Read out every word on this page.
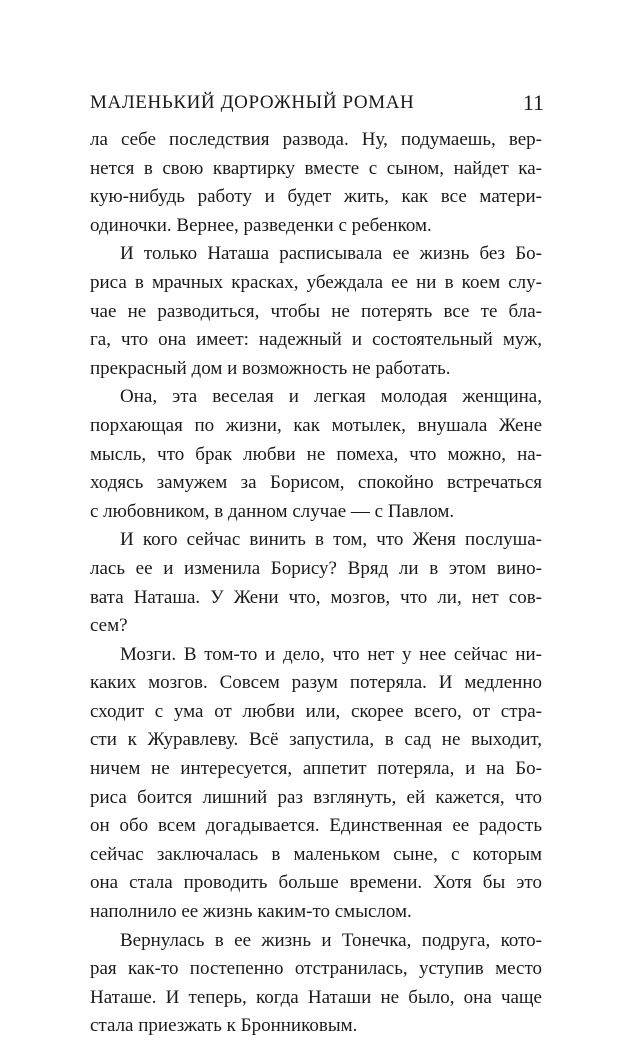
МАЛЕНЬКИЙ ДОРОЖНЫЙ РОМАН	11
ла себе последствия развода. Ну, подумаешь, вер-
нется в свою квартирку вместе с сыном, найдет ка-
кую-нибудь работу и будет жить, как все матери-
одиночки. Вернее, разведенки с ребенком.
И только Наташа расписывала ее жизнь без Бо-
риса в мрачных красках, убеждала ее ни в коем слу-
чае не разводиться, чтобы не потерять все те бла-
га, что она имеет: надежный и состоятельный муж,
прекрасный дом и возможность не работать.
Она, эта веселая и легкая молодая женщина,
порхающая по жизни, как мотылек, внушала Жене
мысль, что брак любви не помеха, что можно, на-
ходясь замужем за Борисом, спокойно встречаться
с любовником, в данном случае — с Павлом.
И кого сейчас винить в том, что Женя послуша-
лась ее и изменила Борису? Вряд ли в этом вино-
вата Наташа. У Жени что, мозгов, что ли, нет сов-
сем?
Мозги. В том-то и дело, что нет у нее сейчас ни-
каких мозгов. Совсем разум потеряла. И медленно
сходит с ума от любви или, скорее всего, от стра-
сти к Журавлеву. Всё запустила, в сад не выходит,
ничем не интересуется, аппетит потеряла, и на Бо-
риса боится лишний раз взглянуть, ей кажется, что
он обо всем догадывается. Единственная ее радость
сейчас заключалась в маленьком сыне, с которым
она стала проводить больше времени. Хотя бы это
наполнило ее жизнь каким-то смыслом.
Вернулась в ее жизнь и Тонечка, подруга, кото-
рая как-то постепенно отстранилась, уступив место
Наташе. И теперь, когда Наташи не было, она чаще
стала приезжать к Бронниковым.
